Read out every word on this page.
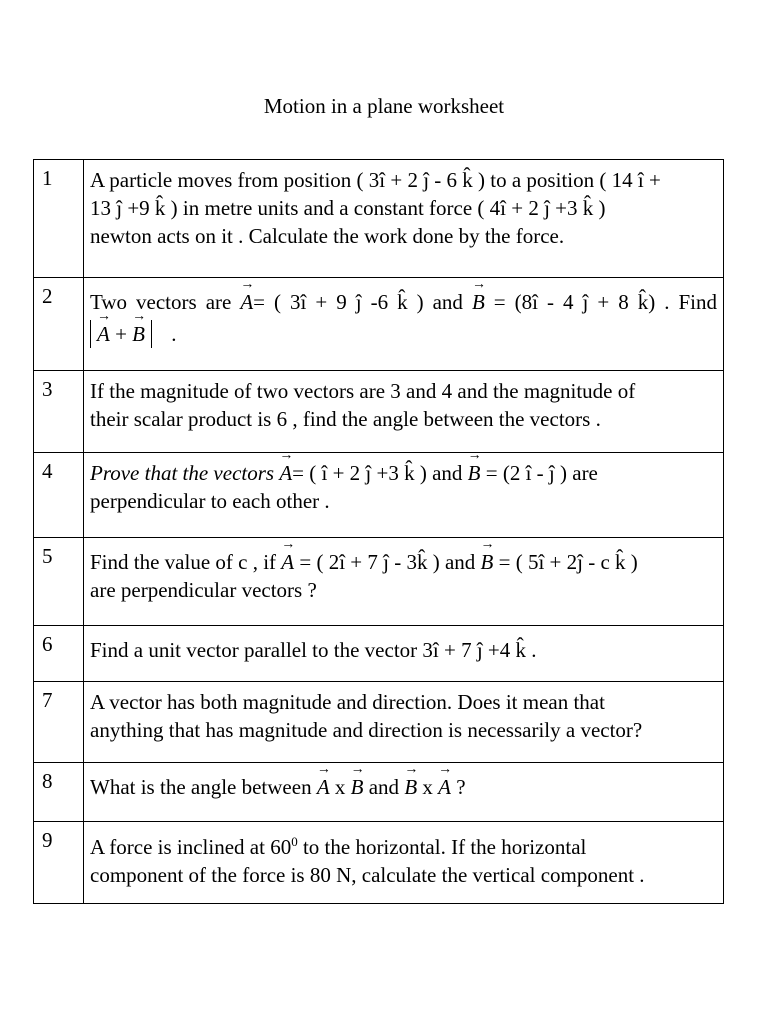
Motion in a plane worksheet
1	A particle moves from position ( 3î + 2 ĵ - 6 k̂ ) to a position ( 14 î +
13 ĵ +9 k̂ ) in metre units and a constant force ( 4î + 2 ĵ +3 k̂ )
newton acts on it . Calculate the work done by the force.

2	Two vectors are → A= ( 3î + 9 ĵ -6 k̂ ) and → B = (8î - 4 ĵ + 8 k̂) . Find
→ A + → B .

3	If the magnitude of two vectors are 3 and 4 and the magnitude of
their scalar product is 6 , find the angle between the vectors .

4	Prove that the vectors → A= ( î + 2 ĵ +3 k̂ ) and → B = (2 î - ĵ ) are
perpendicular to each other .

5	Find the value of c , if → A = ( 2î + 7 ĵ - 3k̂ ) and → B = ( 5î + 2ĵ - c k̂ )
are perpendicular vectors ?

6	Find a unit vector parallel to the vector 3î + 7 ĵ +4 k̂ .

7	A vector has both magnitude and direction. Does it mean that
anything that has magnitude and direction is necessarily a vector?

8	What is the angle between → A x → B and → B x → A ?

9	A force is inclined at $60^0$ to the horizontal. If the horizontal
component of the force is 80 N, calculate the vertical component .
